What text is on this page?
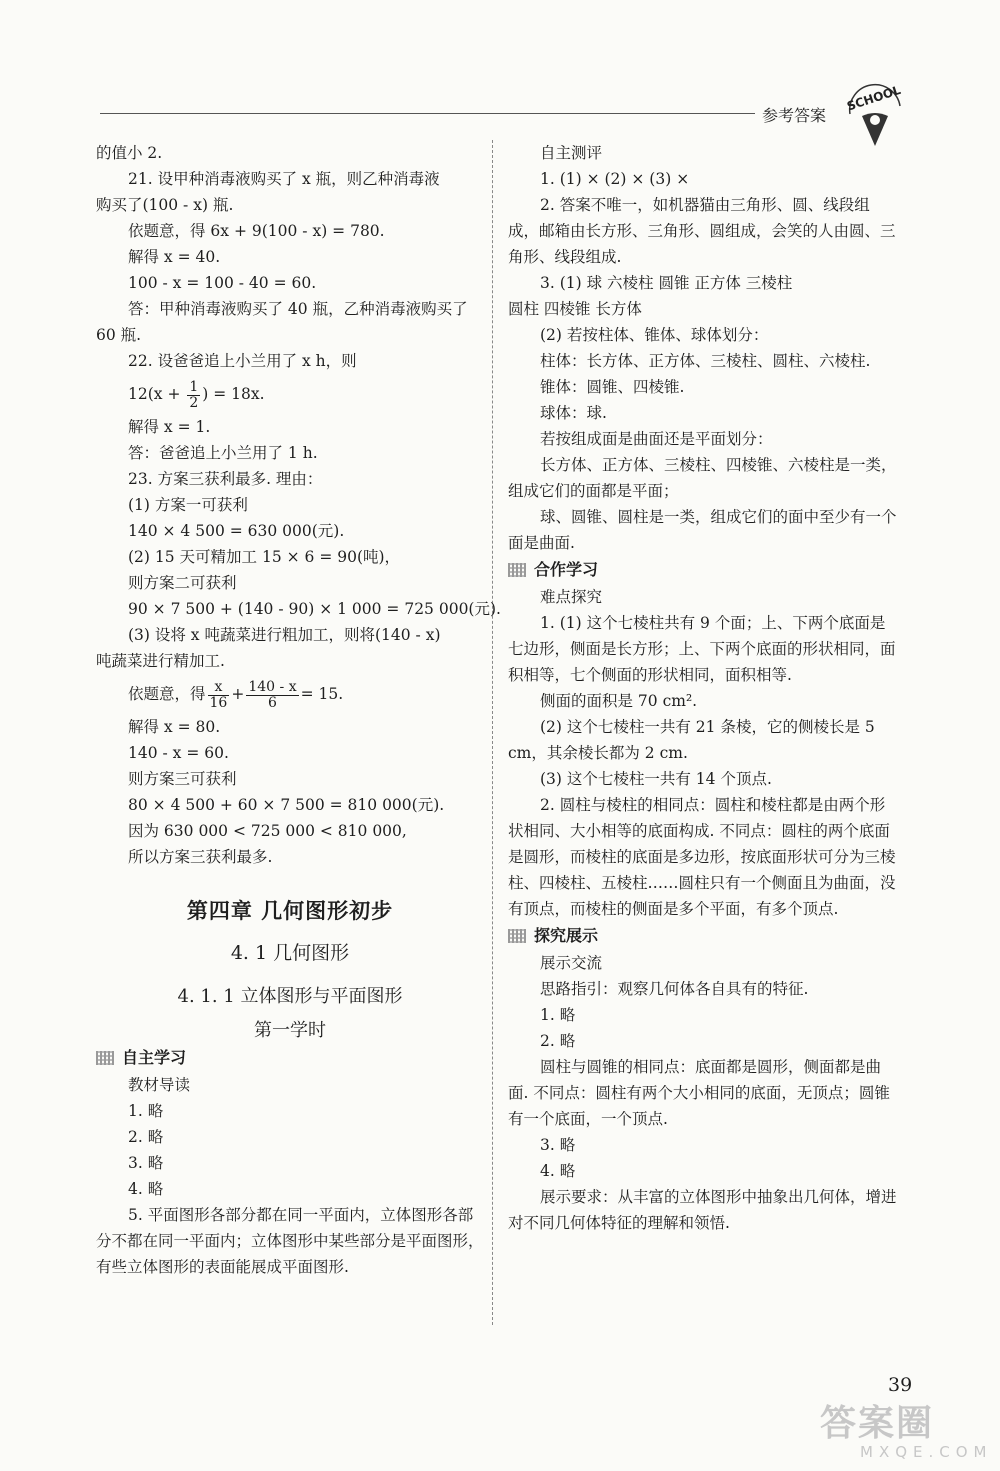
参考答案
SCHOOL
的值小 2.
21. 设甲种消毒液购买了 x 瓶，则乙种消毒液
购买了(100 - x) 瓶.
依题意，得 6x + 9(100 - x) = 780.
解得 x = 40.
100 - x = 100 - 40 = 60.
答：甲种消毒液购买了 40 瓶，乙种消毒液购买了
60 瓶.
22. 设爸爸追上小兰用了 x h，则
$12(x + \frac{1}{2}$ ) = 18x.
解得 x = 1.
答：爸爸追上小兰用了 1 h.
23. 方案三获利最多. 理由：
(1) 方案一可获利
140 × 4 500 = 630 000(元).
(2) 15 天可精加工 15 × 6 = 90(吨)，
则方案二可获利
90 × 7 500 + (140 - 90) × 1 000 = 725 000(元).
(3) 设将 x 吨蔬菜进行粗加工，则将(140 - x)
吨蔬菜进行精加工.
依题意，得 $\frac{x}{16} + \frac{140 - x}{6} = 15$.
解得 x = 80.
140 - x = 60.
则方案三可获利
80 × 4 500 + 60 × 7 500 = 810 000(元).
因为 630 000 < 725 000 < 810 000,
所以方案三获利最多.
第四章 几何图形初步
4. 1 几何图形
4. 1. 1 立体图形与平面图形
第一学时
自主学习
教材导读
1. 略
2. 略
3. 略
4. 略
5. 平面图形各部分都在同一平面内，立体图形各部分不都在同一平面内；立体图形中某些部分是平面图形，有些立体图形的表面能展成平面图形.
自主测评
1. (1) × (2) × (3) ×
2. 答案不唯一，如机器猫由三角形、圆、线段组成，邮箱由长方形、三角形、圆组成，会笑的人由圆、三角形、线段组成.
3. (1) 球 六棱柱 圆锥 正方体 三棱柱
圆柱 四棱锥 长方体
(2) 若按柱体、锥体、球体划分：
柱体：长方体、正方体、三棱柱、圆柱、六棱柱.
锥体：圆锥、四棱锥.
球体：球.
若按组成面是曲面还是平面划分：
长方体、正方体、三棱柱、四棱锥、六棱柱是一类，组成它们的面都是平面；
球、圆锥、圆柱是一类，组成它们的面中至少有一个面是曲面.
合作学习
难点探究
1. (1) 这个七棱柱共有 9 个面；上、下两个底面是七边形，侧面是长方形；上、下两个底面的形状相同，面积相等，七个侧面的形状相同，面积相等.
侧面的面积是 70 cm².
(2) 这个七棱柱一共有 21 条棱，它的侧棱长是 5 cm，其余棱长都为 2 cm.
(3) 这个七棱柱一共有 14 个顶点.
2. 圆柱与棱柱的相同点：圆柱和棱柱都是由两个形状相同、大小相等的底面构成. 不同点：圆柱的两个底面是圆形，而棱柱的底面是多边形，按底面形状可分为三棱柱、四棱柱、五棱柱……圆柱只有一个侧面且为曲面，没有顶点，而棱柱的侧面是多个平面，有多个顶点.
探究展示
展示交流
思路指引：观察几何体各自具有的特征.
1. 略
2. 略
圆柱与圆锥的相同点：底面都是圆形，侧面都是曲面. 不同点：圆柱有两个大小相同的底面，无顶点；圆锥有一个底面，一个顶点.
3. 略
4. 略
展示要求：从丰富的立体图形中抽象出几何体，增进对不同几何体特征的理解和领悟.
39
答案圈
MXQE.COM
